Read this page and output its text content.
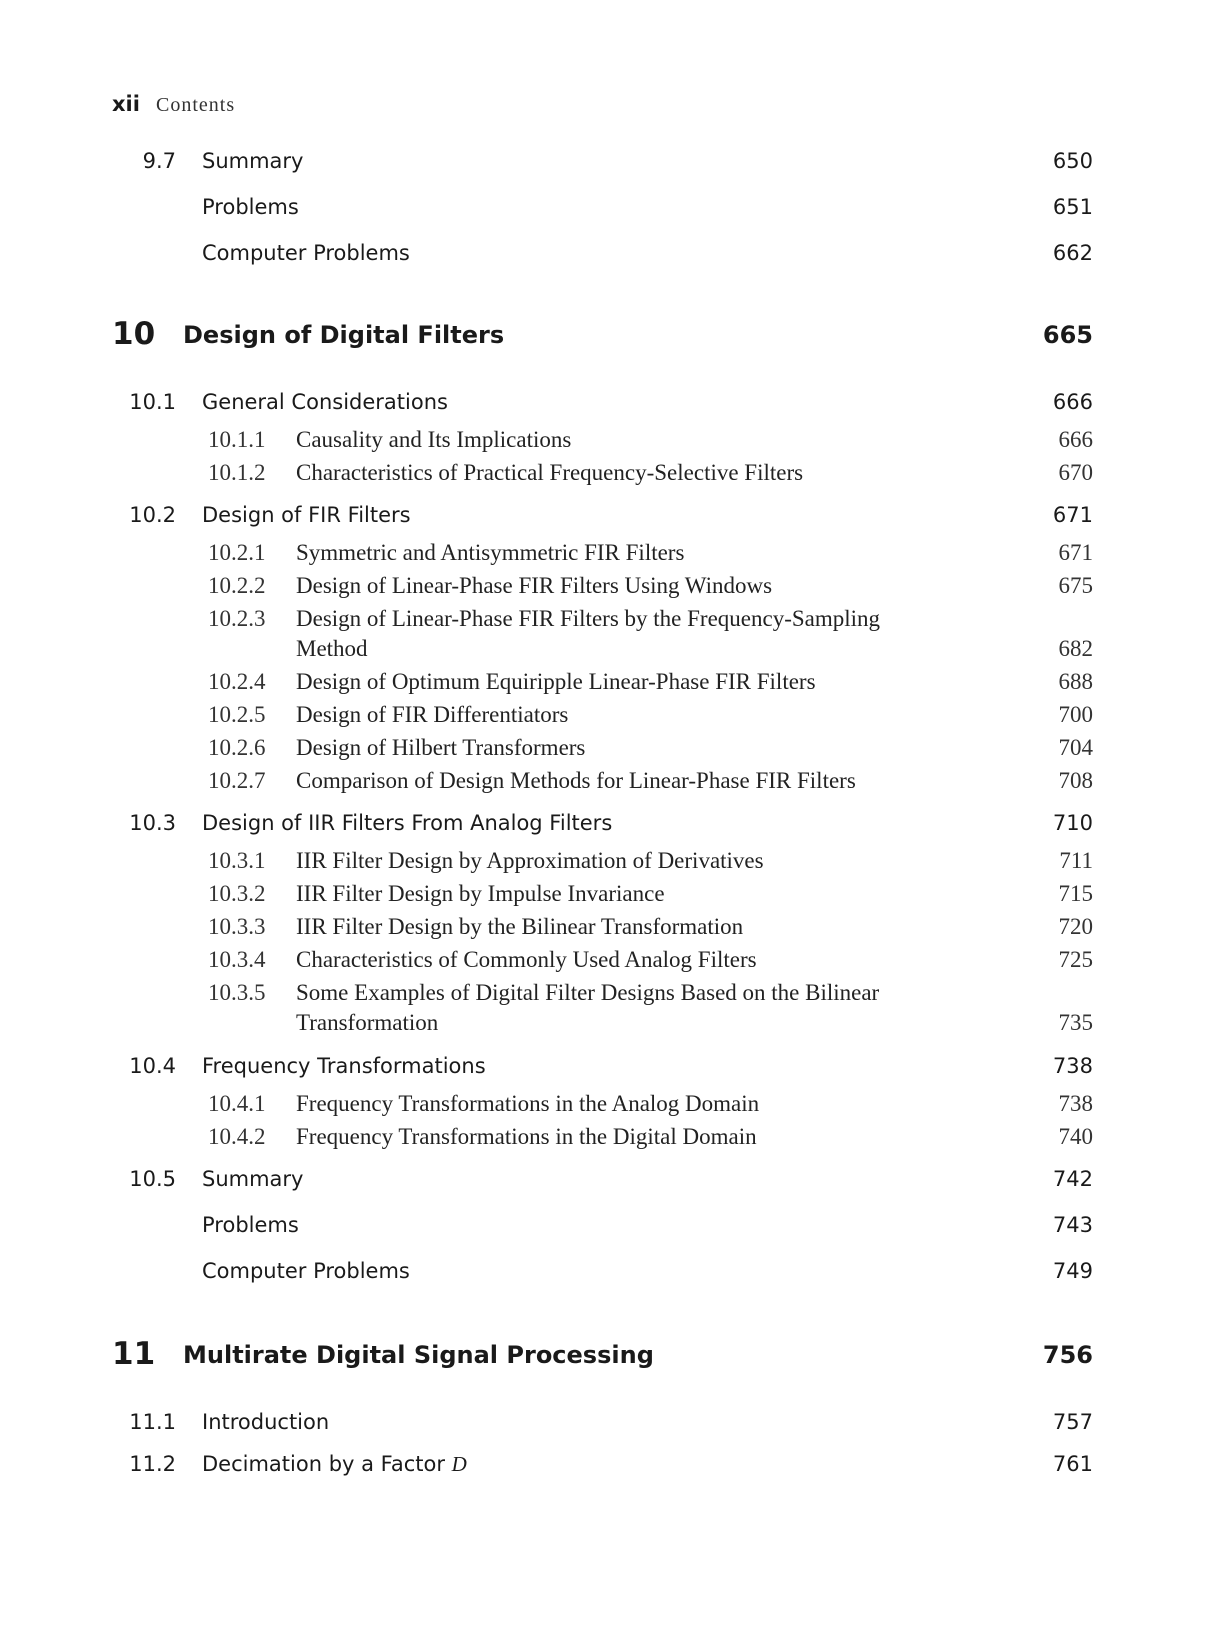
xii Contents
9.7 Summary	650
Problems	651
Computer Problems	662
10 Design of Digital Filters	665
10.1 General Considerations	666
10.1.1 Causality and Its Implications	666
10.1.2 Characteristics of Practical Frequency-Selective Filters	670
10.2 Design of FIR Filters	671
10.2.1 Symmetric and Antisymmetric FIR Filters	671
10.2.2 Design of Linear-Phase FIR Filters Using Windows	675
10.2.3 Design of Linear-Phase FIR Filters by the Frequency-Sampling
Method	682
10.2.4 Design of Optimum Equiripple Linear-Phase FIR Filters	688
10.2.5 Design of FIR Differentiators	700
10.2.6 Design of Hilbert Transformers	704
10.2.7 Comparison of Design Methods for Linear-Phase FIR Filters	708
10.3 Design of IIR Filters From Analog Filters	710
10.3.1 IIR Filter Design by Approximation of Derivatives	711
10.3.2 IIR Filter Design by Impulse Invariance	715
10.3.3 IIR Filter Design by the Bilinear Transformation	720
10.3.4 Characteristics of Commonly Used Analog Filters	725
10.3.5 Some Examples of Digital Filter Designs Based on the Bilinear
Transformation	735
10.4 Frequency Transformations	738
10.4.1 Frequency Transformations in the Analog Domain	738
10.4.2 Frequency Transformations in the Digital Domain	740
10.5 Summary	742
Problems	743
Computer Problems	749
11 Multirate Digital Signal Processing	756
11.1 Introduction	757
11.2 Decimation by a Factor D	761
